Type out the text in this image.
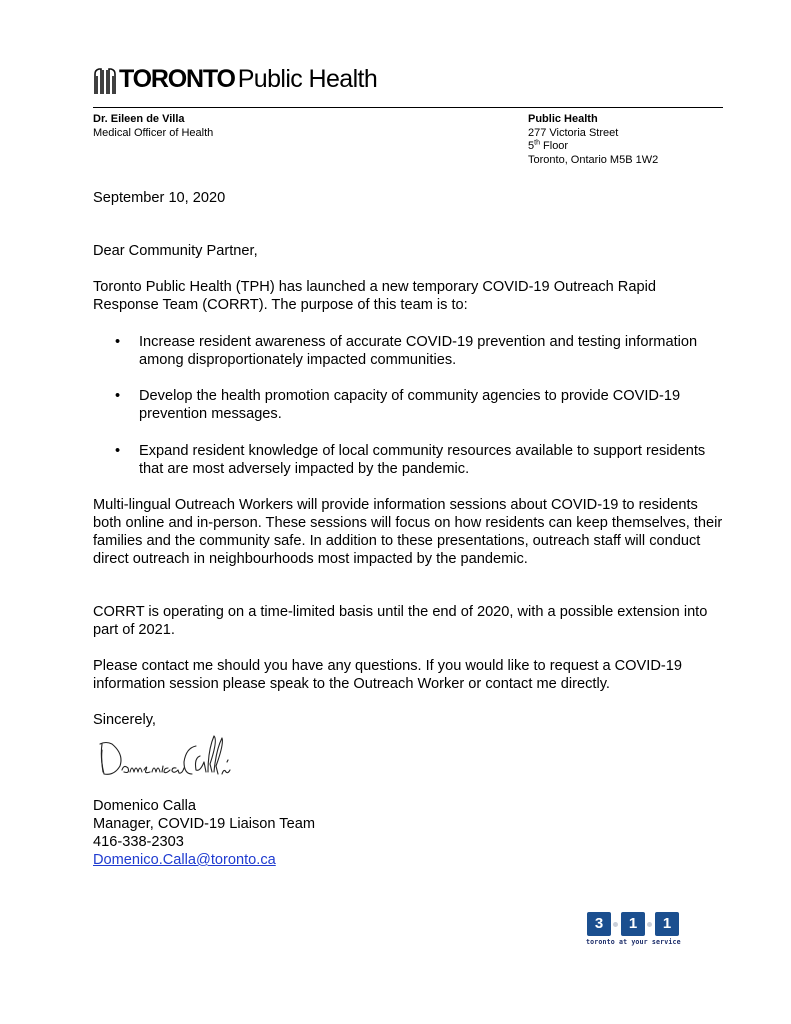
TORONTO Public Health
Dr. Eileen de Villa
Medical Officer of Health
Public Health
277 Victoria Street
5th Floor
Toronto, Ontario M5B 1W2
September 10, 2020
Dear Community Partner,
Toronto Public Health (TPH) has launched a new temporary COVID-19 Outreach Rapid Response Team (CORRT). The purpose of this team is to:
• Increase resident awareness of accurate COVID-19 prevention and testing information among disproportionately impacted communities.
• Develop the health promotion capacity of community agencies to provide COVID-19 prevention messages.
• Expand resident knowledge of local community resources available to support residents that are most adversely impacted by the pandemic.
Multi-lingual Outreach Workers will provide information sessions about COVID-19 to residents both online and in-person. These sessions will focus on how residents can keep themselves, their families and the community safe. In addition to these presentations, outreach staff will conduct direct outreach in neighbourhoods most impacted by the pandemic.
CORRT is operating on a time-limited basis until the end of 2020, with a possible extension into part of 2021.
Please contact me should you have any questions. If you would like to request a COVID-19 information session please speak to the Outreach Worker or contact me directly.
Sincerely,
Domenico Calla
Manager, COVID-19 Liaison Team
416-338-2303
Domenico.Calla@toronto.ca
3	1	1
toronto at your service
